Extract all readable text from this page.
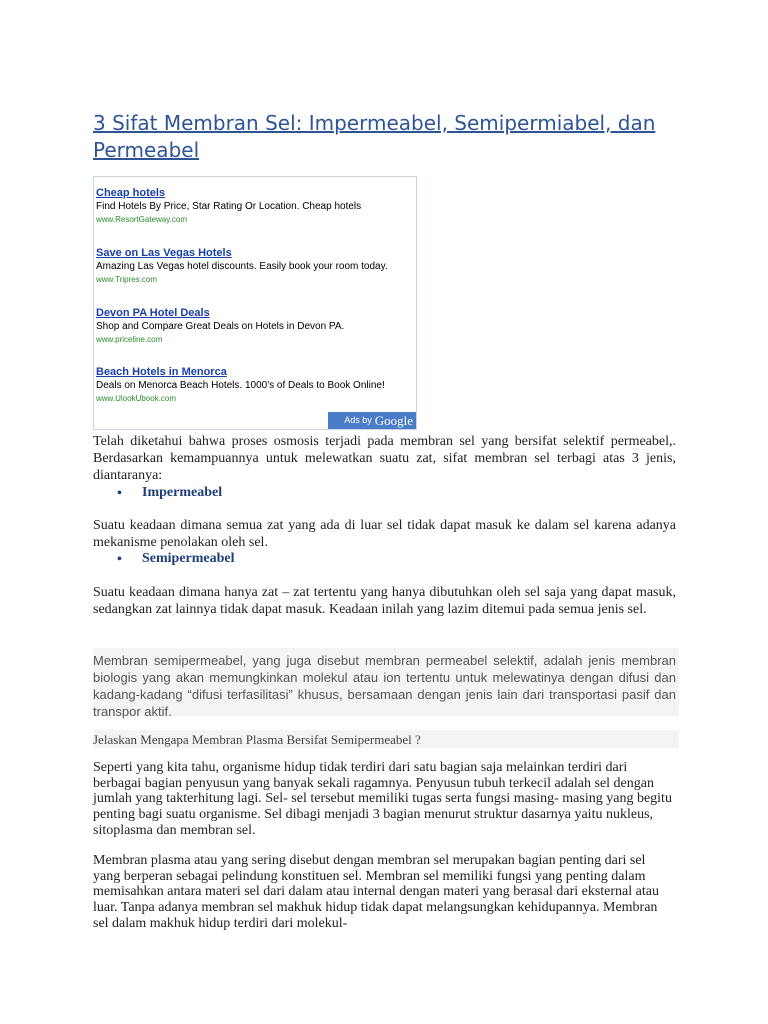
3 Sifat Membran Sel: Impermeabel, Semipermiabel, dan Permeabel
Cheap hotels
Find Hotels By Price, Star Rating Or Location. Cheap hotels
www.ResortGateway.com
Save on Las Vegas Hotels
Amazing Las Vegas hotel discounts. Easily book your room today.
www.Tripres.com
Devon PA Hotel Deals
Shop and Compare Great Deals on Hotels in Devon PA.
www.priceline.com
Beach Hotels in Menorca
Deals on Menorca Beach Hotels. 1000's of Deals to Book Online!
www.UlookUbook.com
Ads by Google

Telah diketahui bahwa proses osmosis terjadi pada membran sel yang bersifat selektif permeabel,. Berdasarkan kemampuannya untuk melewatkan suatu zat, sifat membran sel terbagi atas 3 jenis, diantaranya:

• Impermeabel

Suatu keadaan dimana semua zat yang ada di luar sel tidak dapat masuk ke dalam sel karena adanya mekanisme penolakan oleh sel.

• Semipermeabel

Suatu keadaan dimana hanya zat – zat tertentu yang hanya dibutuhkan oleh sel saja yang dapat masuk, sedangkan zat lainnya tidak dapat masuk. Keadaan inilah yang lazim ditemui pada semua jenis sel.

Membran semipermeabel, yang juga disebut membran permeabel selektif, adalah jenis membran biologis yang akan memungkinkan molekul atau ion tertentu untuk melewatinya dengan difusi dan kadang-kadang “difusi terfasilitasi” khusus, bersamaan dengan jenis lain dari transportasi pasif dan transpor aktif.

Jelaskan Mengapa Membran Plasma Bersifat Semipermeabel ?

Seperti yang kita tahu, organisme hidup tidak terdiri dari satu bagian saja melainkan terdiri dari berbagai bagian penyusun yang banyak sekali ragamnya. Penyusun tubuh terkecil adalah sel dengan jumlah yang takterhitung lagi. Sel- sel tersebut memiliki tugas serta fungsi masing- masing yang begitu penting bagi suatu organisme. Sel dibagi menjadi 3 bagian menurut struktur dasarnya yaitu nukleus, sitoplasma dan membran sel.

Membran plasma atau yang sering disebut dengan membran sel merupakan bagian penting dari sel yang berperan sebagai pelindung konstituen sel. Membran sel memiliki fungsi yang penting dalam memisahkan antara materi sel dari dalam atau internal dengan materi yang berasal dari eksternal atau luar. Tanpa adanya membran sel makhuk hidup tidak dapat melangsungkan kehidupannya. Membran sel dalam makhuk hidup terdiri dari molekul-
